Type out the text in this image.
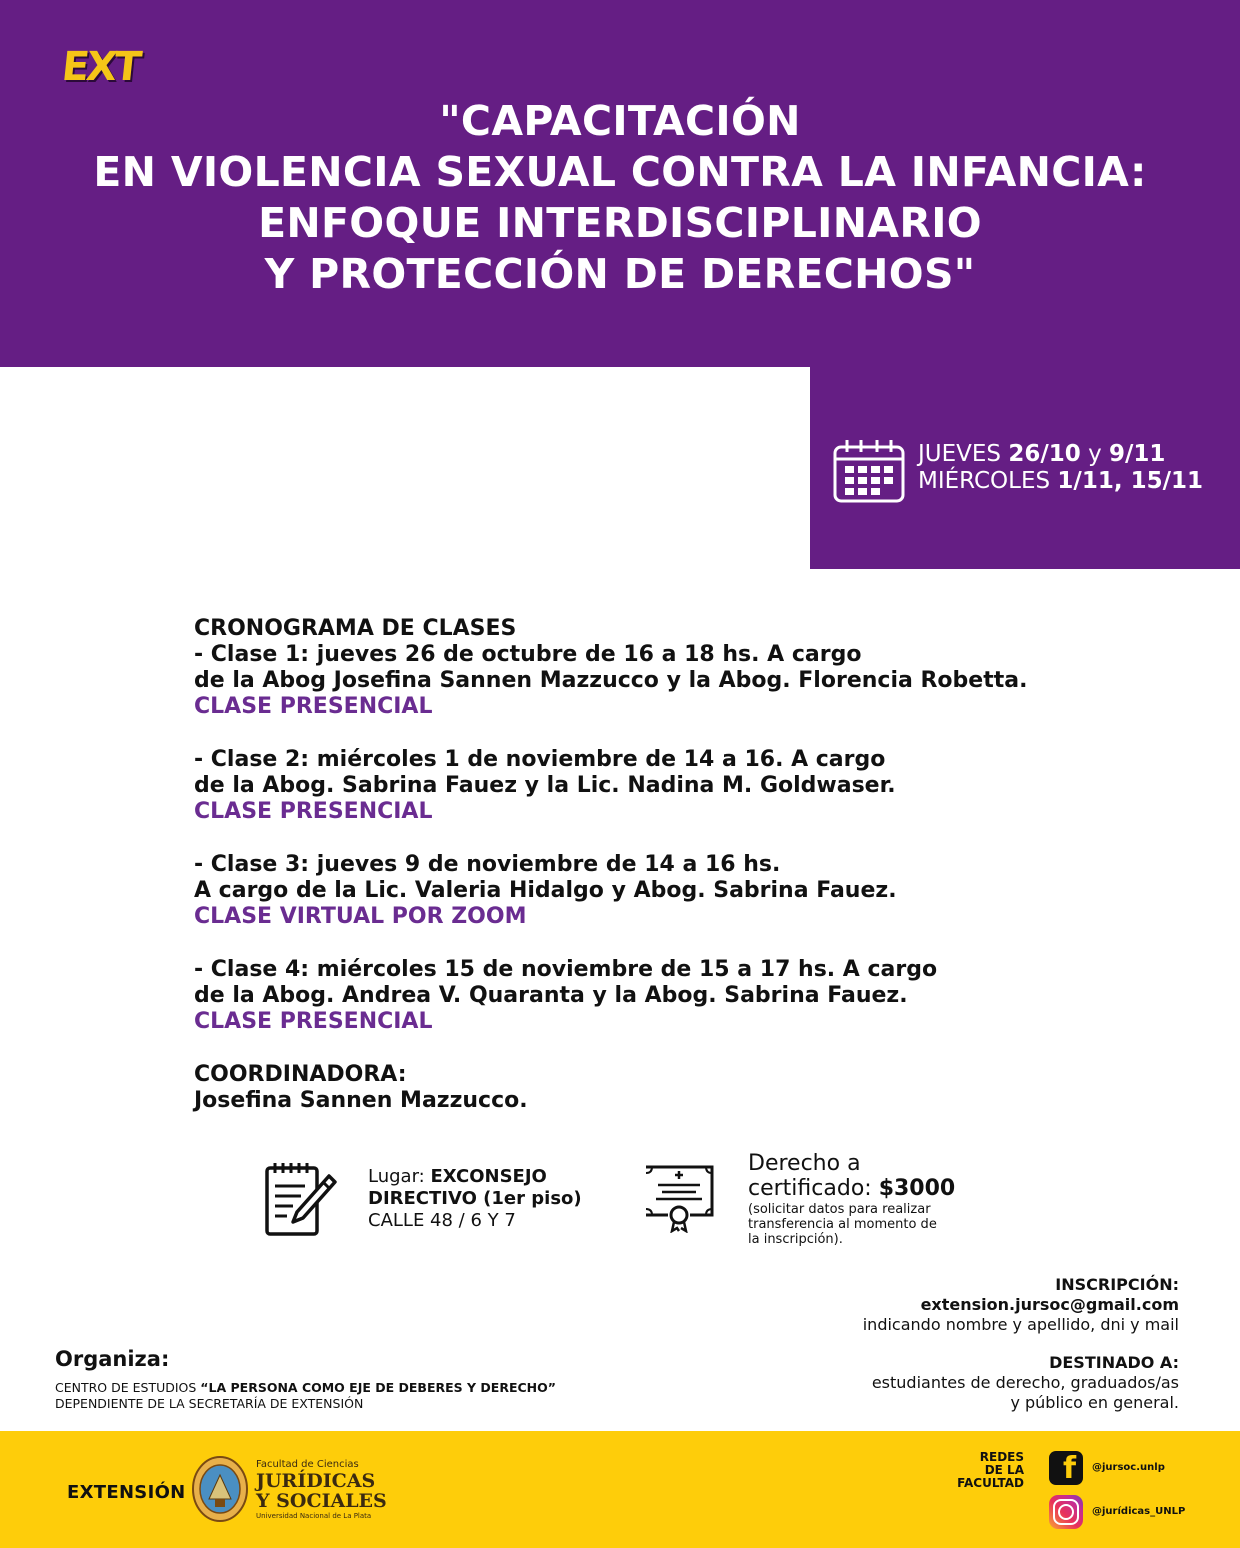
EXT
"CAPACITACIÓN
EN VIOLENCIA SEXUAL CONTRA LA INFANCIA:
ENFOQUE INTERDISCIPLINARIO
Y PROTECCIÓN DE DERECHOS"
JUEVES 26/10 y 9/11
MIÉRCOLES 1/11, 15/11
CRONOGRAMA DE CLASES
- Clase 1: jueves 26 de octubre de 16 a 18 hs. A cargo
de la Abog Josefina Sannen Mazzucco y la Abog. Florencia Robetta.
CLASE PRESENCIAL
- Clase 2: miércoles 1 de noviembre de 14 a 16. A cargo
de la Abog. Sabrina Fauez y la Lic. Nadina M. Goldwaser.
CLASE PRESENCIAL
- Clase 3: jueves 9 de noviembre de 14 a 16 hs.
A cargo de la Lic. Valeria Hidalgo y Abog. Sabrina Fauez.
CLASE VIRTUAL POR ZOOM
- Clase 4: miércoles 15 de noviembre de 15 a 17 hs. A cargo
de la Abog. Andrea V. Quaranta y la Abog. Sabrina Fauez.
CLASE PRESENCIAL
COORDINADORA:
Josefina Sannen Mazzucco.
Lugar: EXCONSEJO
DIRECTIVO (1er piso)
CALLE 48 / 6 Y 7
Derecho a
certificado: $3000
(solicitar datos para realizar
transferencia al momento de
la inscripción).
INSCRIPCIÓN:
extension.jursoc@gmail.com
indicando nombre y apellido, dni y mail
DESTINADO A:
estudiantes de derecho, graduados/as
y público en general.
Organiza:
CENTRO DE ESTUDIOS “LA PERSONA COMO EJE DE DEBERES Y DERECHO”
DEPENDIENTE DE LA SECRETARÍA DE EXTENSIÓN
EXTENSIÓN
Facultad de Ciencias
JURÍDICAS
Y SOCIALES
Universidad Nacional de La Plata
REDES
DE LA
FACULTAD f @jursoc.unlp
@jurídicas_UNLP
